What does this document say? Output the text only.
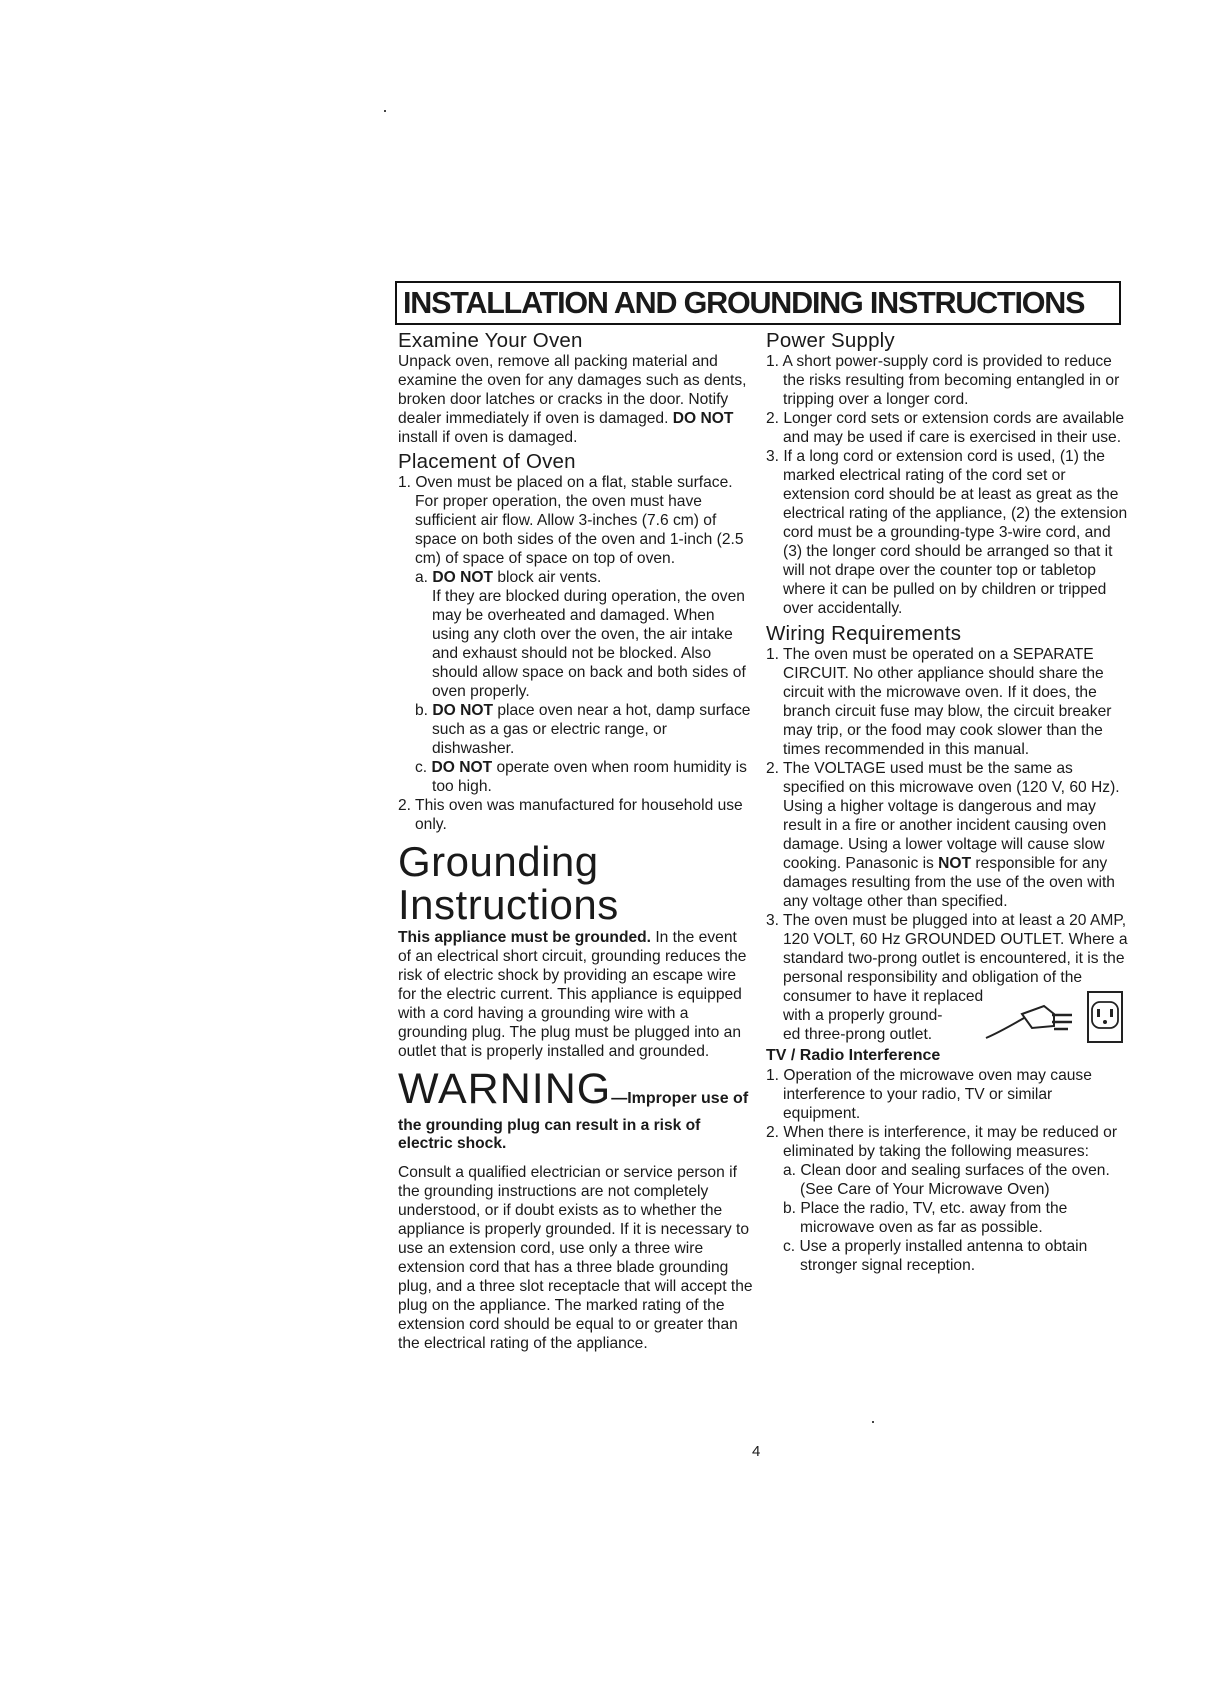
INSTALLATION AND GROUNDING INSTRUCTIONS
Examine Your Oven

Unpack oven, remove all packing material and examine the oven for any damages such as dents, broken door latches or cracks in the door. Notify dealer immediately if oven is damaged. DO NOT install if oven is damaged.

Placement of Oven

1. Oven must be placed on a flat, stable surface. For proper operation, the oven must have sufficient air flow. Allow 3-inches (7.6 cm) of space on both sides of the oven and 1-inch (2.5 cm) of space of space on top of oven.

a. DO NOT block air vents.

If they are blocked during operation, the oven may be overheated and damaged. When using any cloth over the oven, the air intake and exhaust should not be blocked. Also should allow space on back and both sides of oven properly.

b. DO NOT place oven near a hot, damp surface such as a gas or electric range, or dishwasher.

c. DO NOT operate oven when room humidity is too high.

2. This oven was manufactured for household use only.

Grounding
Instructions

This appliance must be grounded. In the event of an electrical short circuit, grounding reduces the risk of electric shock by providing an escape wire for the electric current. This appliance is equipped with a cord having a grounding wire with a grounding plug. The plug must be plugged into an outlet that is properly installed and grounded.

WARNING—Improper use of

the grounding plug can result in a risk of electric shock.

Consult a qualified electrician or service person if the grounding instructions are not completely understood, or if doubt exists as to whether the appliance is properly grounded. If it is necessary to use an extension cord, use only a three wire extension cord that has a three blade grounding plug, and a three slot receptacle that will accept the plug on the appliance. The marked rating of the extension cord should be equal to or greater than the electrical rating of the appliance.

Power Supply

1. A short power-supply cord is provided to reduce the risks resulting from becoming entangled in or tripping over a longer cord.

2. Longer cord sets or extension cords are available and may be used if care is exercised in their use.

3. If a long cord or extension cord is used, (1) the marked electrical rating of the cord set or extension cord should be at least as great as the electrical rating of the appliance, (2) the extension cord must be a grounding-type 3-wire cord, and (3) the longer cord should be arranged so that it will not drape over the counter top or tabletop where it can be pulled on by children or tripped over accidentally.

Wiring Requirements

1. The oven must be operated on a SEPARATE CIRCUIT. No other appliance should share the circuit with the microwave oven. If it does, the branch circuit fuse may blow, the circuit breaker may trip, or the food may cook slower than the times recommended in this manual.

2. The VOLTAGE used must be the same as specified on this microwave oven (120 V, 60 Hz). Using a higher voltage is dangerous and may result in a fire or another incident causing oven damage. Using a lower voltage will cause slow cooking. Panasonic is NOT responsible for any damages resulting from the use of the oven with any voltage other than specified.

3. The oven must be plugged into at least a 20 AMP, 120 VOLT, 60 Hz GROUNDED OUTLET. Where a standard two-prong outlet is encountered, it is the personal responsibility and obligation of the consumer to have it replaced

with a properly ground-

ed three-prong outlet.

TV / Radio Interference

1. Operation of the microwave oven may cause interference to your radio, TV or similar equipment.

2. When there is interference, it may be reduced or eliminated by taking the following measures:

a. Clean door and sealing surfaces of the oven. (See Care of Your Microwave Oven)

b. Place the radio, TV, etc. away from the microwave oven as far as possible.

c. Use a properly installed antenna to obtain stronger signal reception.

4
